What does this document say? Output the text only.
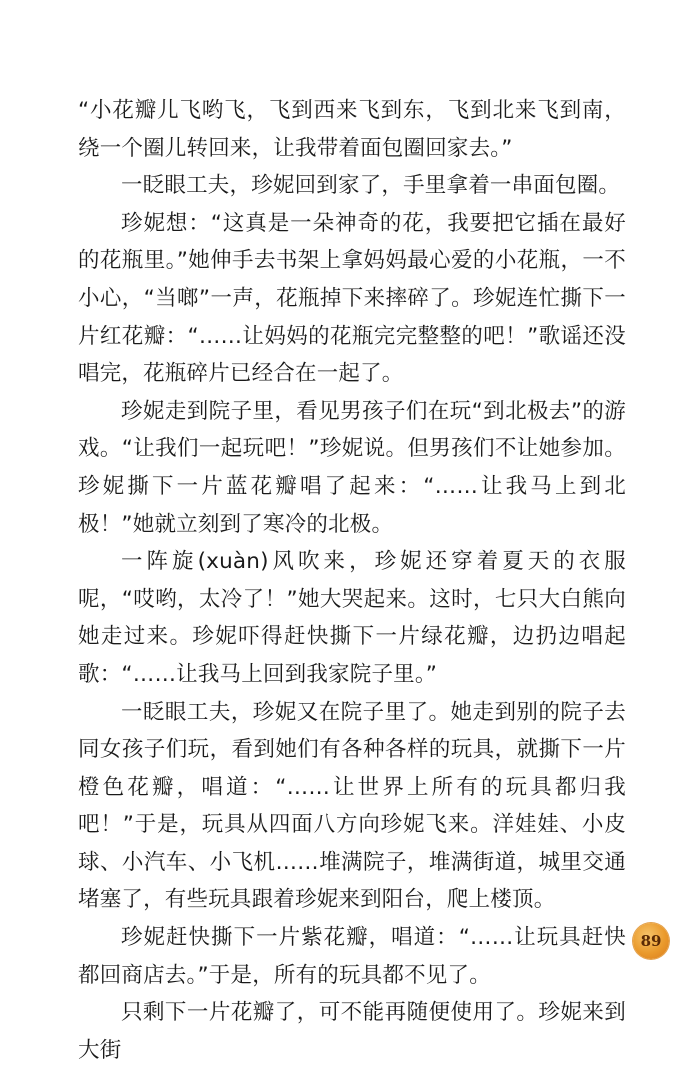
“小花瓣儿飞哟飞，飞到西来飞到东，飞到北来飞到南，绕一个圈儿转回来，让我带着面包圈回家去。”

一眨眼工夫，珍妮回到家了，手里拿着一串面包圈。

珍妮想：“这真是一朵神奇的花，我要把它插在最好的花瓶里。”她伸手去书架上拿妈妈最心爱的小花瓶，一不小心，“当啷”一声，花瓶掉下来摔碎了。珍妮连忙撕下一片红花瓣：“……让妈妈的花瓶完完整整的吧！”歌谣还没唱完，花瓶碎片已经合在一起了。

珍妮走到院子里，看见男孩子们在玩“到北极去”的游戏。“让我们一起玩吧！”珍妮说。但男孩们不让她参加。珍妮撕下一片蓝花瓣唱了起来：“……让我马上到北极！”她就立刻到了寒冷的北极。

一阵旋(xuàn)风吹来，珍妮还穿着夏天的衣服呢，“哎哟，太冷了！”她大哭起来。这时，七只大白熊向她走过来。珍妮吓得赶快撕下一片绿花瓣，边扔边唱起歌：“……让我马上回到我家院子里。”

一眨眼工夫，珍妮又在院子里了。她走到别的院子去同女孩子们玩，看到她们有各种各样的玩具，就撕下一片橙色花瓣，唱道：“……让世界上所有的玩具都归我吧！”于是，玩具从四面八方向珍妮飞来。洋娃娃、小皮球、小汽车、小飞机……堆满院子，堆满街道，城里交通堵塞了，有些玩具跟着珍妮来到阳台，爬上楼顶。

珍妮赶快撕下一片紫花瓣，唱道：“……让玩具赶快都回商店去。”于是，所有的玩具都不见了。

只剩下一片花瓣了，可不能再随便使用了。珍妮来到大街

89
